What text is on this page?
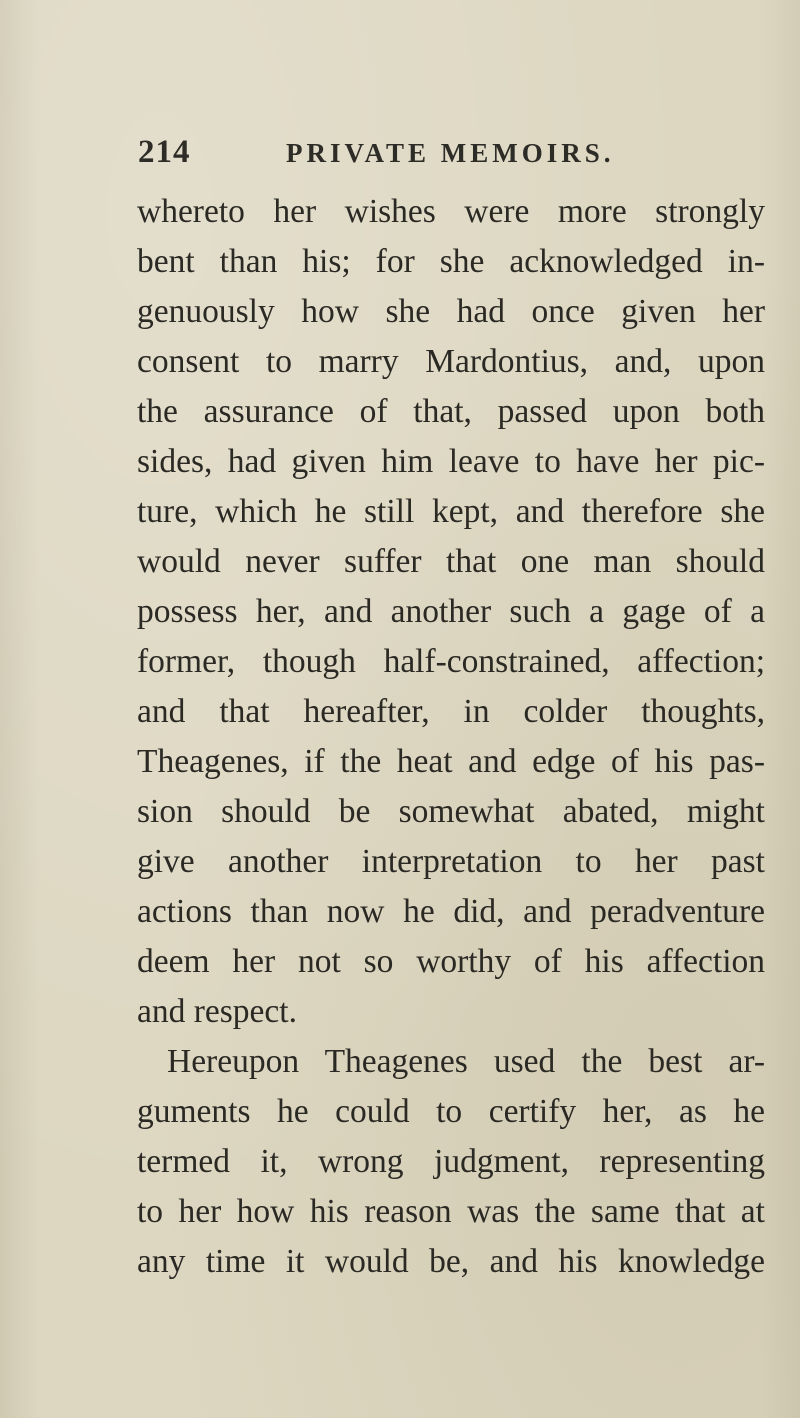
214	PRIVATE MEMOIRS.
whereto her wishes were more strongly
bent than his; for she acknowledged in-
genuously how she had once given her
consent to marry Mardontius, and, upon
the assurance of that, passed upon both
sides, had given him leave to have her pic-
ture, which he still kept, and therefore she
would never suffer that one man should
possess her, and another such a gage of a
former, though half-constrained, affection;
and that hereafter, in colder thoughts,
Theagenes, if the heat and edge of his pas-
sion should be somewhat abated, might
give another interpretation to her past
actions than now he did, and peradventure
deem her not so worthy of his affection
and respect.
Hereupon Theagenes used the best ar-
guments he could to certify her, as he
termed it, wrong judgment, representing
to her how his reason was the same that at
any time it would be, and his knowledge
